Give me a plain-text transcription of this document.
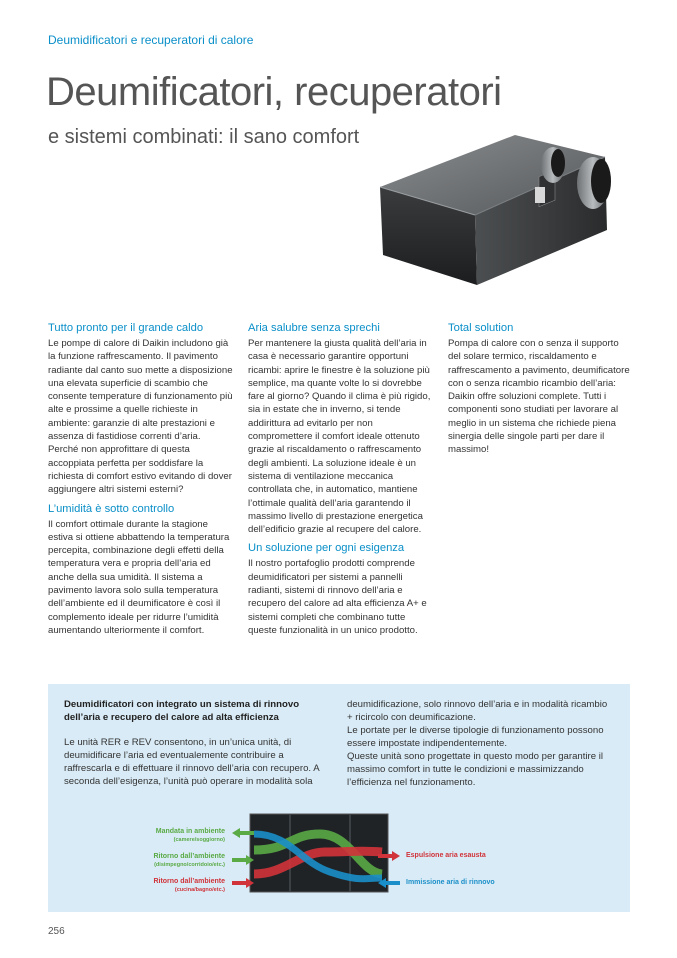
Deumidificatori e recuperatori di calore
Deumificatori, recuperatori
e sistemi combinati: il sano comfort
Tutto pronto per il grande caldo

Le pompe di calore di Daikin includono già la funzione raffrescamento. Il pavimento radiante dal canto suo mette a disposizione una elevata superficie di scambio che consente temperature di funzionamento più alte e prossime a quelle richieste in ambiente: garanzie di alte prestazioni e assenza di fastidiose correnti d’aria. Perché non approfittare di questa accoppiata perfetta per soddisfare la richiesta di comfort estivo evitando di dover aggiungere altri sistemi esterni?

L’umidità è sotto controllo

Il comfort ottimale durante la stagione estiva si ottiene abbattendo la temperatura percepita, combinazione degli effetti della temperatura vera e propria dell’aria ed anche della sua umidità. Il sistema a pavimento lavora solo sulla temperatura dell’ambiente ed il deumificatore è così il complemento ideale per ridurre l’umidità aumentando ulteriormente il comfort.

Aria salubre senza sprechi

Per mantenere la giusta qualità dell’aria in casa è necessario garantire opportuni ricambi: aprire le finestre è la soluzione più semplice, ma quante volte lo si dovrebbe fare al giorno? Quando il clima è più rigido, sia in estate che in inverno, si tende addirittura ad evitarlo per non compromettere il comfort ideale ottenuto grazie al riscaldamento o raffrescamento degli ambienti. La soluzione ideale è un sistema di ventilazione meccanica controllata che, in automatico, mantiene l’ottimale qualità dell’aria garantendo il massimo livello di prestazione energetica dell’edificio grazie al recupere del calore.

Un soluzione per ogni esigenza

Il nostro portafoglio prodotti comprende deumidificatori per sistemi a pannelli radianti, sistemi di rinnovo dell’aria e recupero del calore ad alta efficienza A+ e sistemi completi che combinano tutte queste funzionalità in un unico prodotto.

Total solution

Pompa di calore con o senza il supporto del solare termico, riscaldamento e raffrescamento a pavimento, deumificatore con o senza ricambio ricambio dell’aria: Daikin offre soluzioni complete. Tutti i componenti sono studiati per lavorare al meglio in un sistema che richiede piena sinergia delle singole parti per dare il massimo!

Deumidificatori con integrato un sistema di rinnovo dell’aria e recupero del calore ad alta efficienza

Le unità RER e REV consentono, in un’unica unità, di deumidificare l’aria ed eventualemente contribuire a raffrescarla e di effettuare il rinnovo dell’aria con recupero. A seconda dell’esigenza, l’unità può operare in modalità sola

deumidificazione, solo rinnovo dell’aria e in modalità ricambio + ricircolo con deumificazione.

Le portate per le diverse tipologie di funzionamento possono essere impostate indipendentemente.

Queste unità sono progettate in questo modo per garantire il massimo comfort in tutte le condizioni e massimizzando l’efficienza nel funzionamento.

Mandata in ambiente
(camere/soggiorno)
Ritorno dall’ambiente
(disimpegno/corridoio/etc.)
Ritorno dall’ambiente
(cucina/bagno/etc.)
Espulsione aria esausta
Immissione aria di rinnovo
256
